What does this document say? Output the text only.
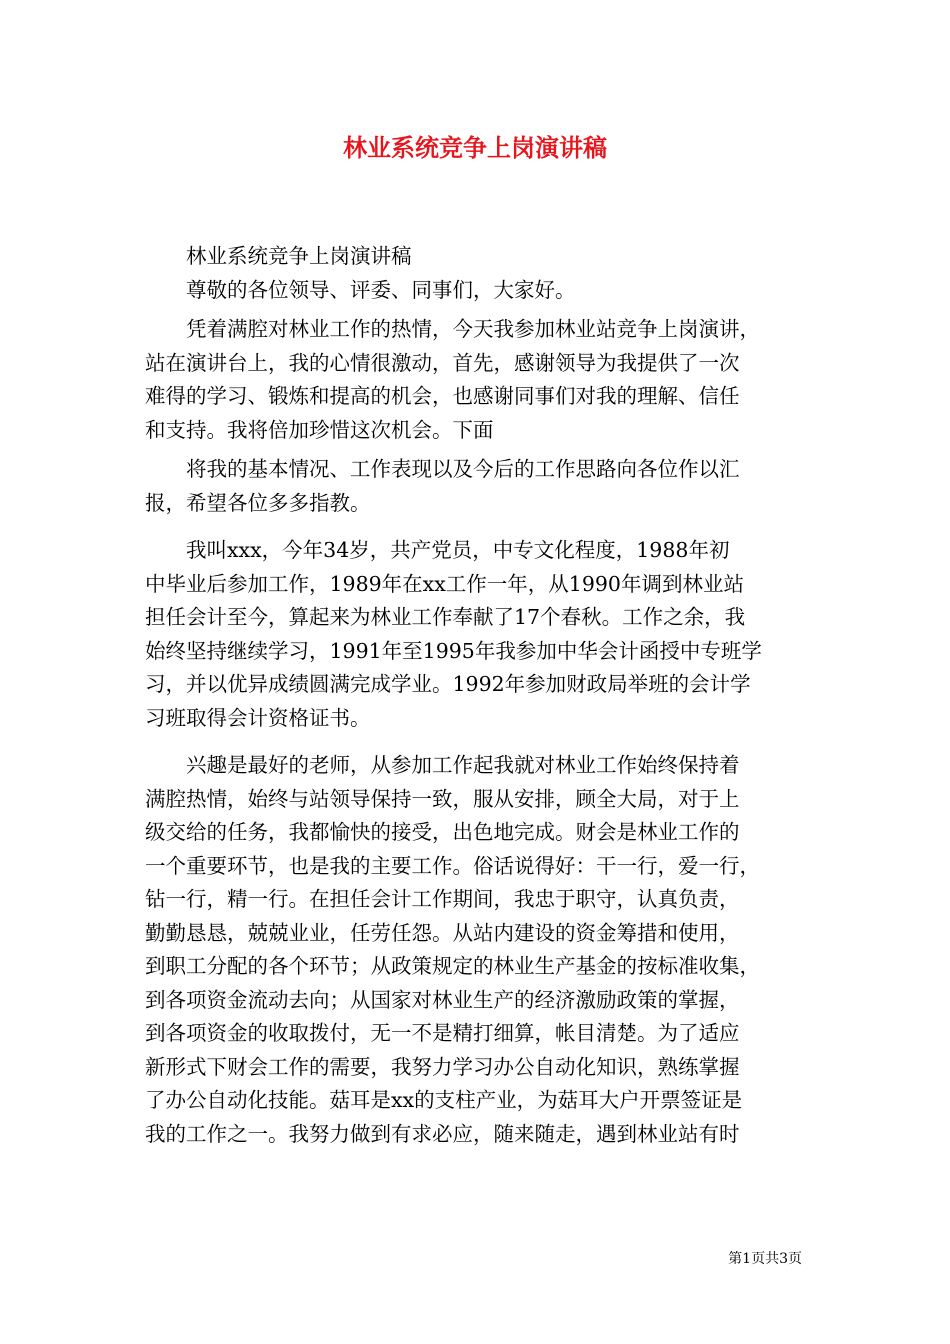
林业系统竞争上岗演讲稿
　　林业系统竞争上岗演讲稿
　　尊敬的各位领导、评委、同事们，大家好。
　　凭着满腔对林业工作的热情，今天我参加林业站竞争上岗演讲，
站在演讲台上，我的心情很激动，首先，感谢领导为我提供了一次
难得的学习、锻炼和提高的机会，也感谢同事们对我的理解、信任
和支持。我将倍加珍惜这次机会。下面
　　将我的基本情况、工作表现以及今后的工作思路向各位作以汇
报，希望各位多多指教。
　　我叫xxx，今年34岁，共产党员，中专文化程度，1988年初
中毕业后参加工作，1989年在xx工作一年，从1990年调到林业站
担任会计至今，算起来为林业工作奉献了17个春秋。工作之余，我
始终坚持继续学习，1991年至1995年我参加中华会计函授中专班学
习，并以优异成绩圆满完成学业。1992年参加财政局举班的会计学
习班取得会计资格证书。
　　兴趣是最好的老师，从参加工作起我就对林业工作始终保持着
满腔热情，始终与站领导保持一致，服从安排，顾全大局，对于上
级交给的任务，我都愉快的接受，出色地完成。财会是林业工作的
一个重要环节，也是我的主要工作。俗话说得好：干一行，爱一行，
钻一行，精一行。在担任会计工作期间，我忠于职守，认真负责，
勤勤恳恳，兢兢业业，任劳任怨。从站内建设的资金筹措和使用，
到职工分配的各个环节；从政策规定的林业生产基金的按标准收集，
到各项资金流动去向；从国家对林业生产的经济激励政策的掌握，
到各项资金的收取拨付，无一不是精打细算，帐目清楚。为了适应
新形式下财会工作的需要，我努力学习办公自动化知识，熟练掌握
了办公自动化技能。菇耳是xx的支柱产业，为菇耳大户开票签证是
我的工作之一。我努力做到有求必应，随来随走，遇到林业站有时
第1页共3页
